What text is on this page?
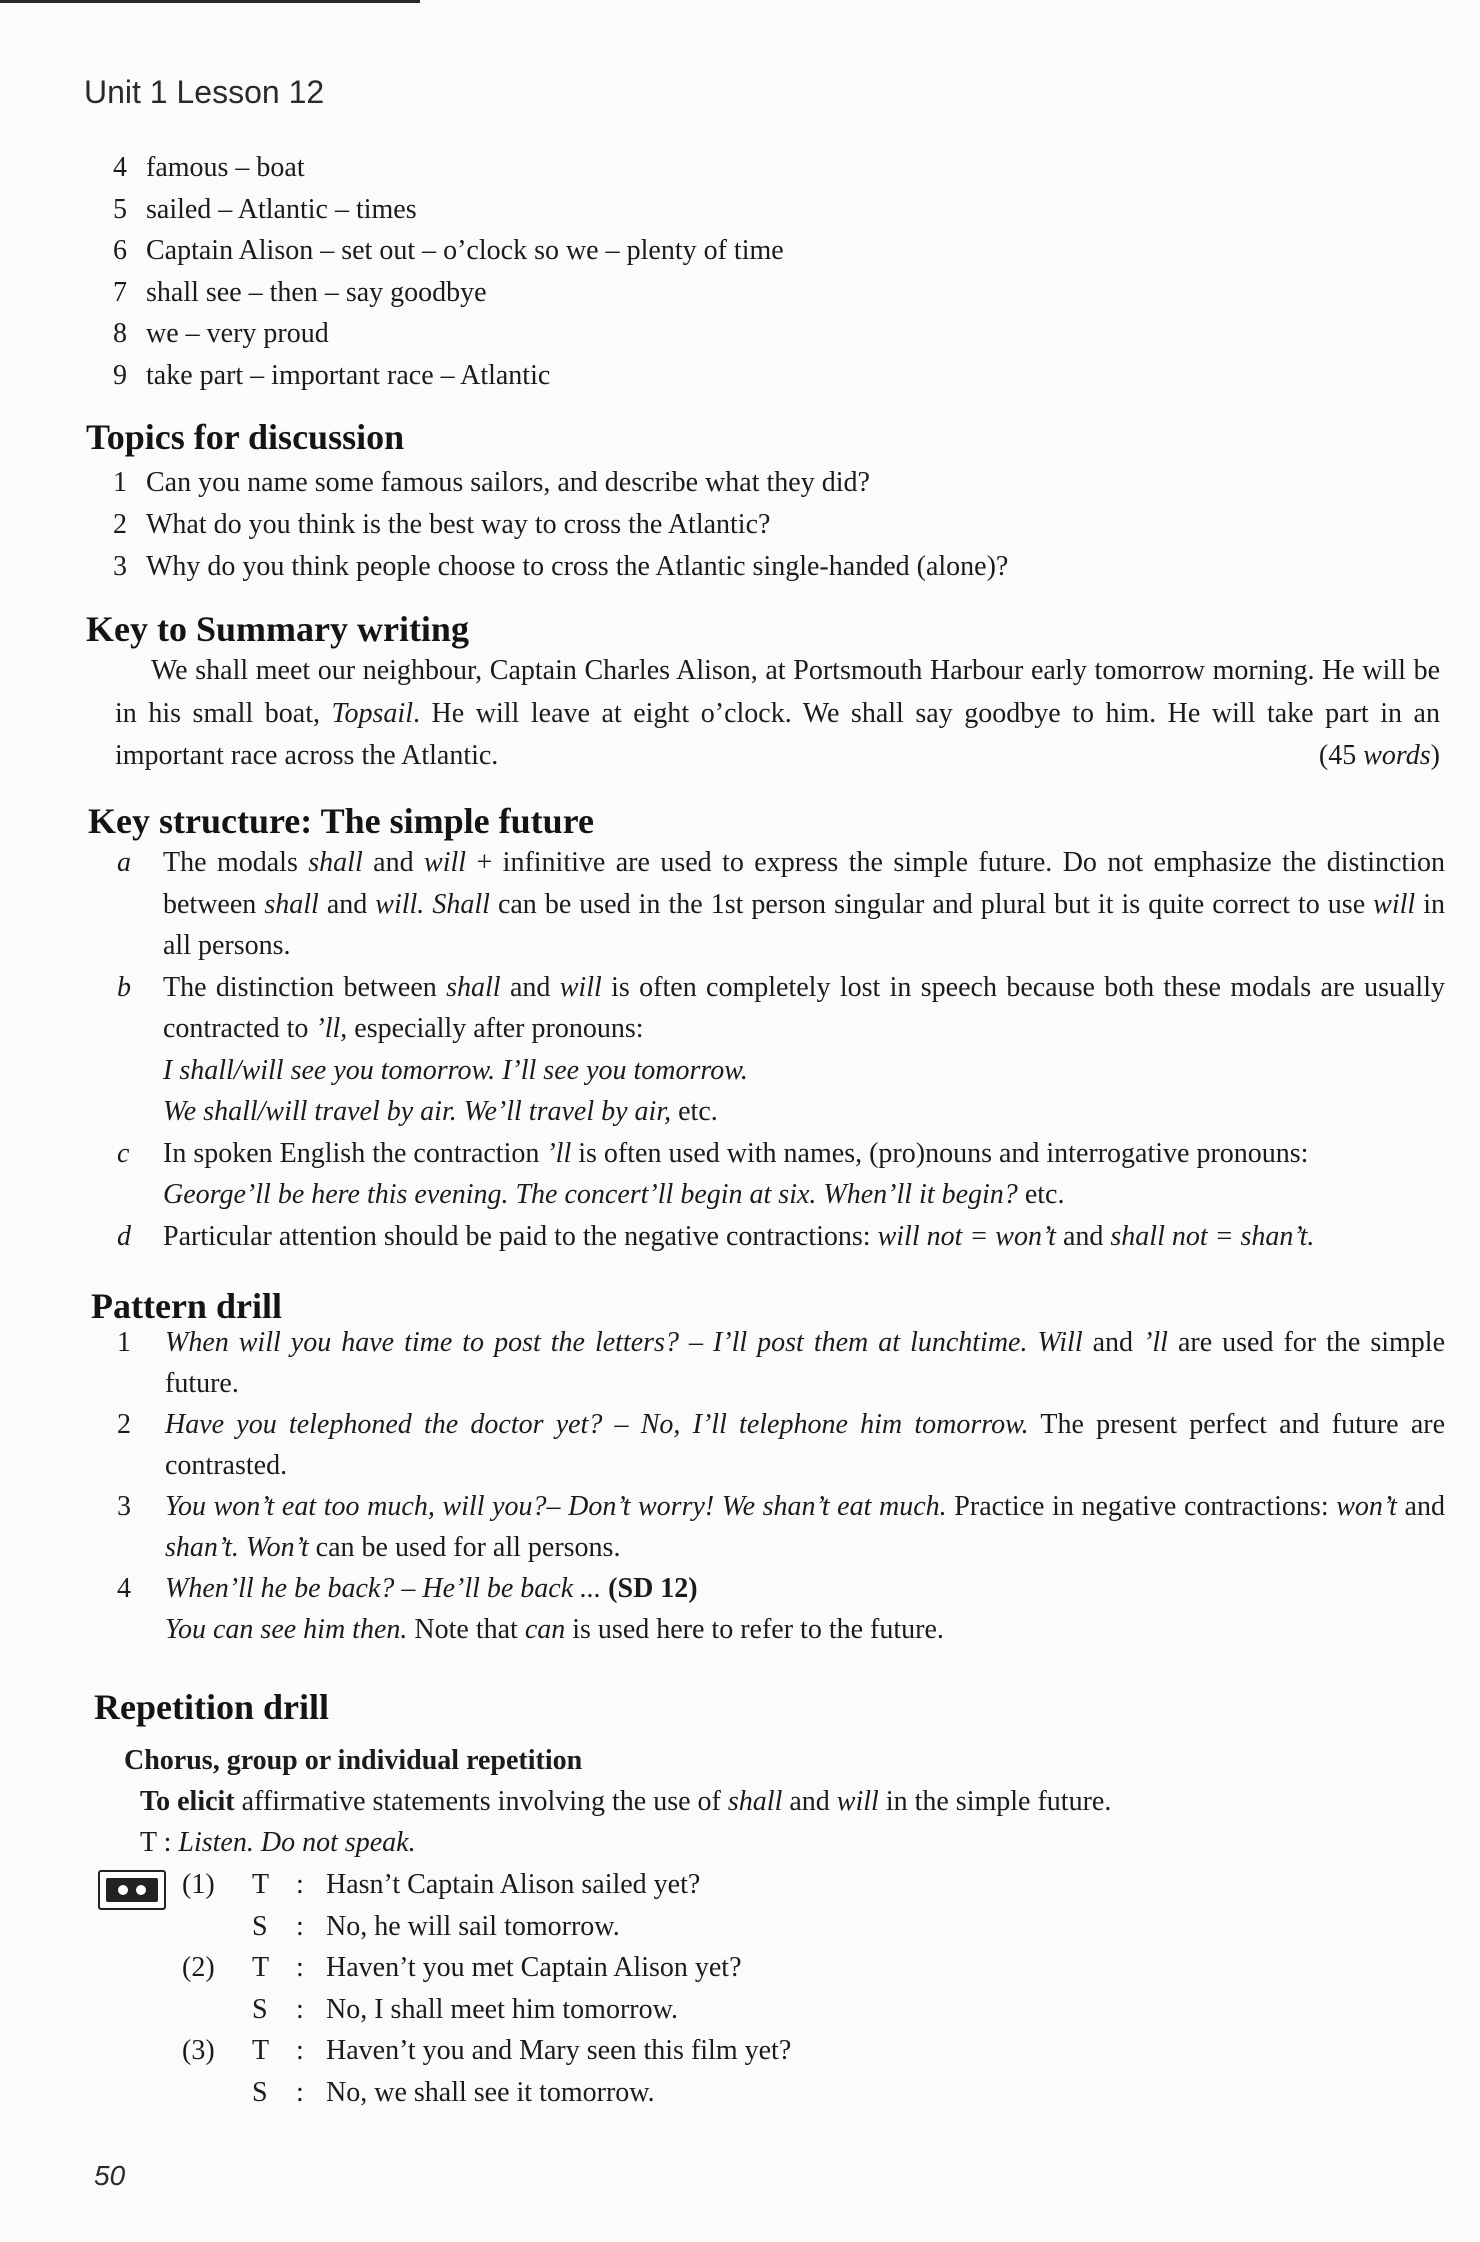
Unit 1 Lesson 12
4 famous – boat
5 sailed – Atlantic – times
6 Captain Alison – set out – o’clock so we – plenty of time
7 shall see – then – say goodbye
8 we – very proud
9 take part – important race – Atlantic
Topics for discussion
1 Can you name some famous sailors, and describe what they did?
2 What do you think is the best way to cross the Atlantic?
3 Why do you think people choose to cross the Atlantic single-handed (alone)?
Key to Summary writing

We shall meet our neighbour, Captain Charles Alison, at Portsmouth Harbour early tomorrow morning. He will be in his small boat, Topsail. He will leave at eight o’clock. We shall say goodbye to him. He will take part in an important race across the Atlantic.	(45 words)

Key structure: The simple future
a The modals shall and will + infinitive are used to express the simple future. Do not emphasize the distinction between shall and will. Shall can be used in the 1st person singular and plural but it is quite correct to use will in all persons.
b The distinction between shall and will is often completely lost in speech because both these modals are usually contracted to ’ll, especially after pronouns:
I shall/will see you tomorrow. I’ll see you tomorrow.
We shall/will travel by air. We’ll travel by air, etc.
c In spoken English the contraction ’ll is often used with names, (pro)nouns and interrogative pronouns:
George’ll be here this evening. The concert’ll begin at six. When’ll it begin? etc.
d Particular attention should be paid to the negative contractions: will not = won’t and shall not = shan’t.
Pattern drill
1 When will you have time to post the letters? – I’ll post them at lunchtime. Will and ’ll are used for the simple future.
2 Have you telephoned the doctor yet? – No, I’ll telephone him tomorrow. The present perfect and future are contrasted.
3 You won’t eat too much, will you?– Don’t worry! We shan’t eat much. Practice in negative contractions: won’t and shan’t. Won’t can be used for all persons.
4 When’ll he be back? – He’ll be back ... (SD 12)
You can see him then. Note that can is used here to refer to the future.
Repetition drill
Chorus, group or individual repetition
To elicit affirmative statements involving the use of shall and will in the simple future.
T : Listen. Do not speak.
(1)	T : Hasn’t Captain Alison sailed yet?
S	: No, he will sail tomorrow.
(2)	T : Haven’t you met Captain Alison yet?
S	: No, I shall meet him tomorrow.
(3)	T : Haven’t you and Mary seen this film yet?
S	: No, we shall see it tomorrow.
50
